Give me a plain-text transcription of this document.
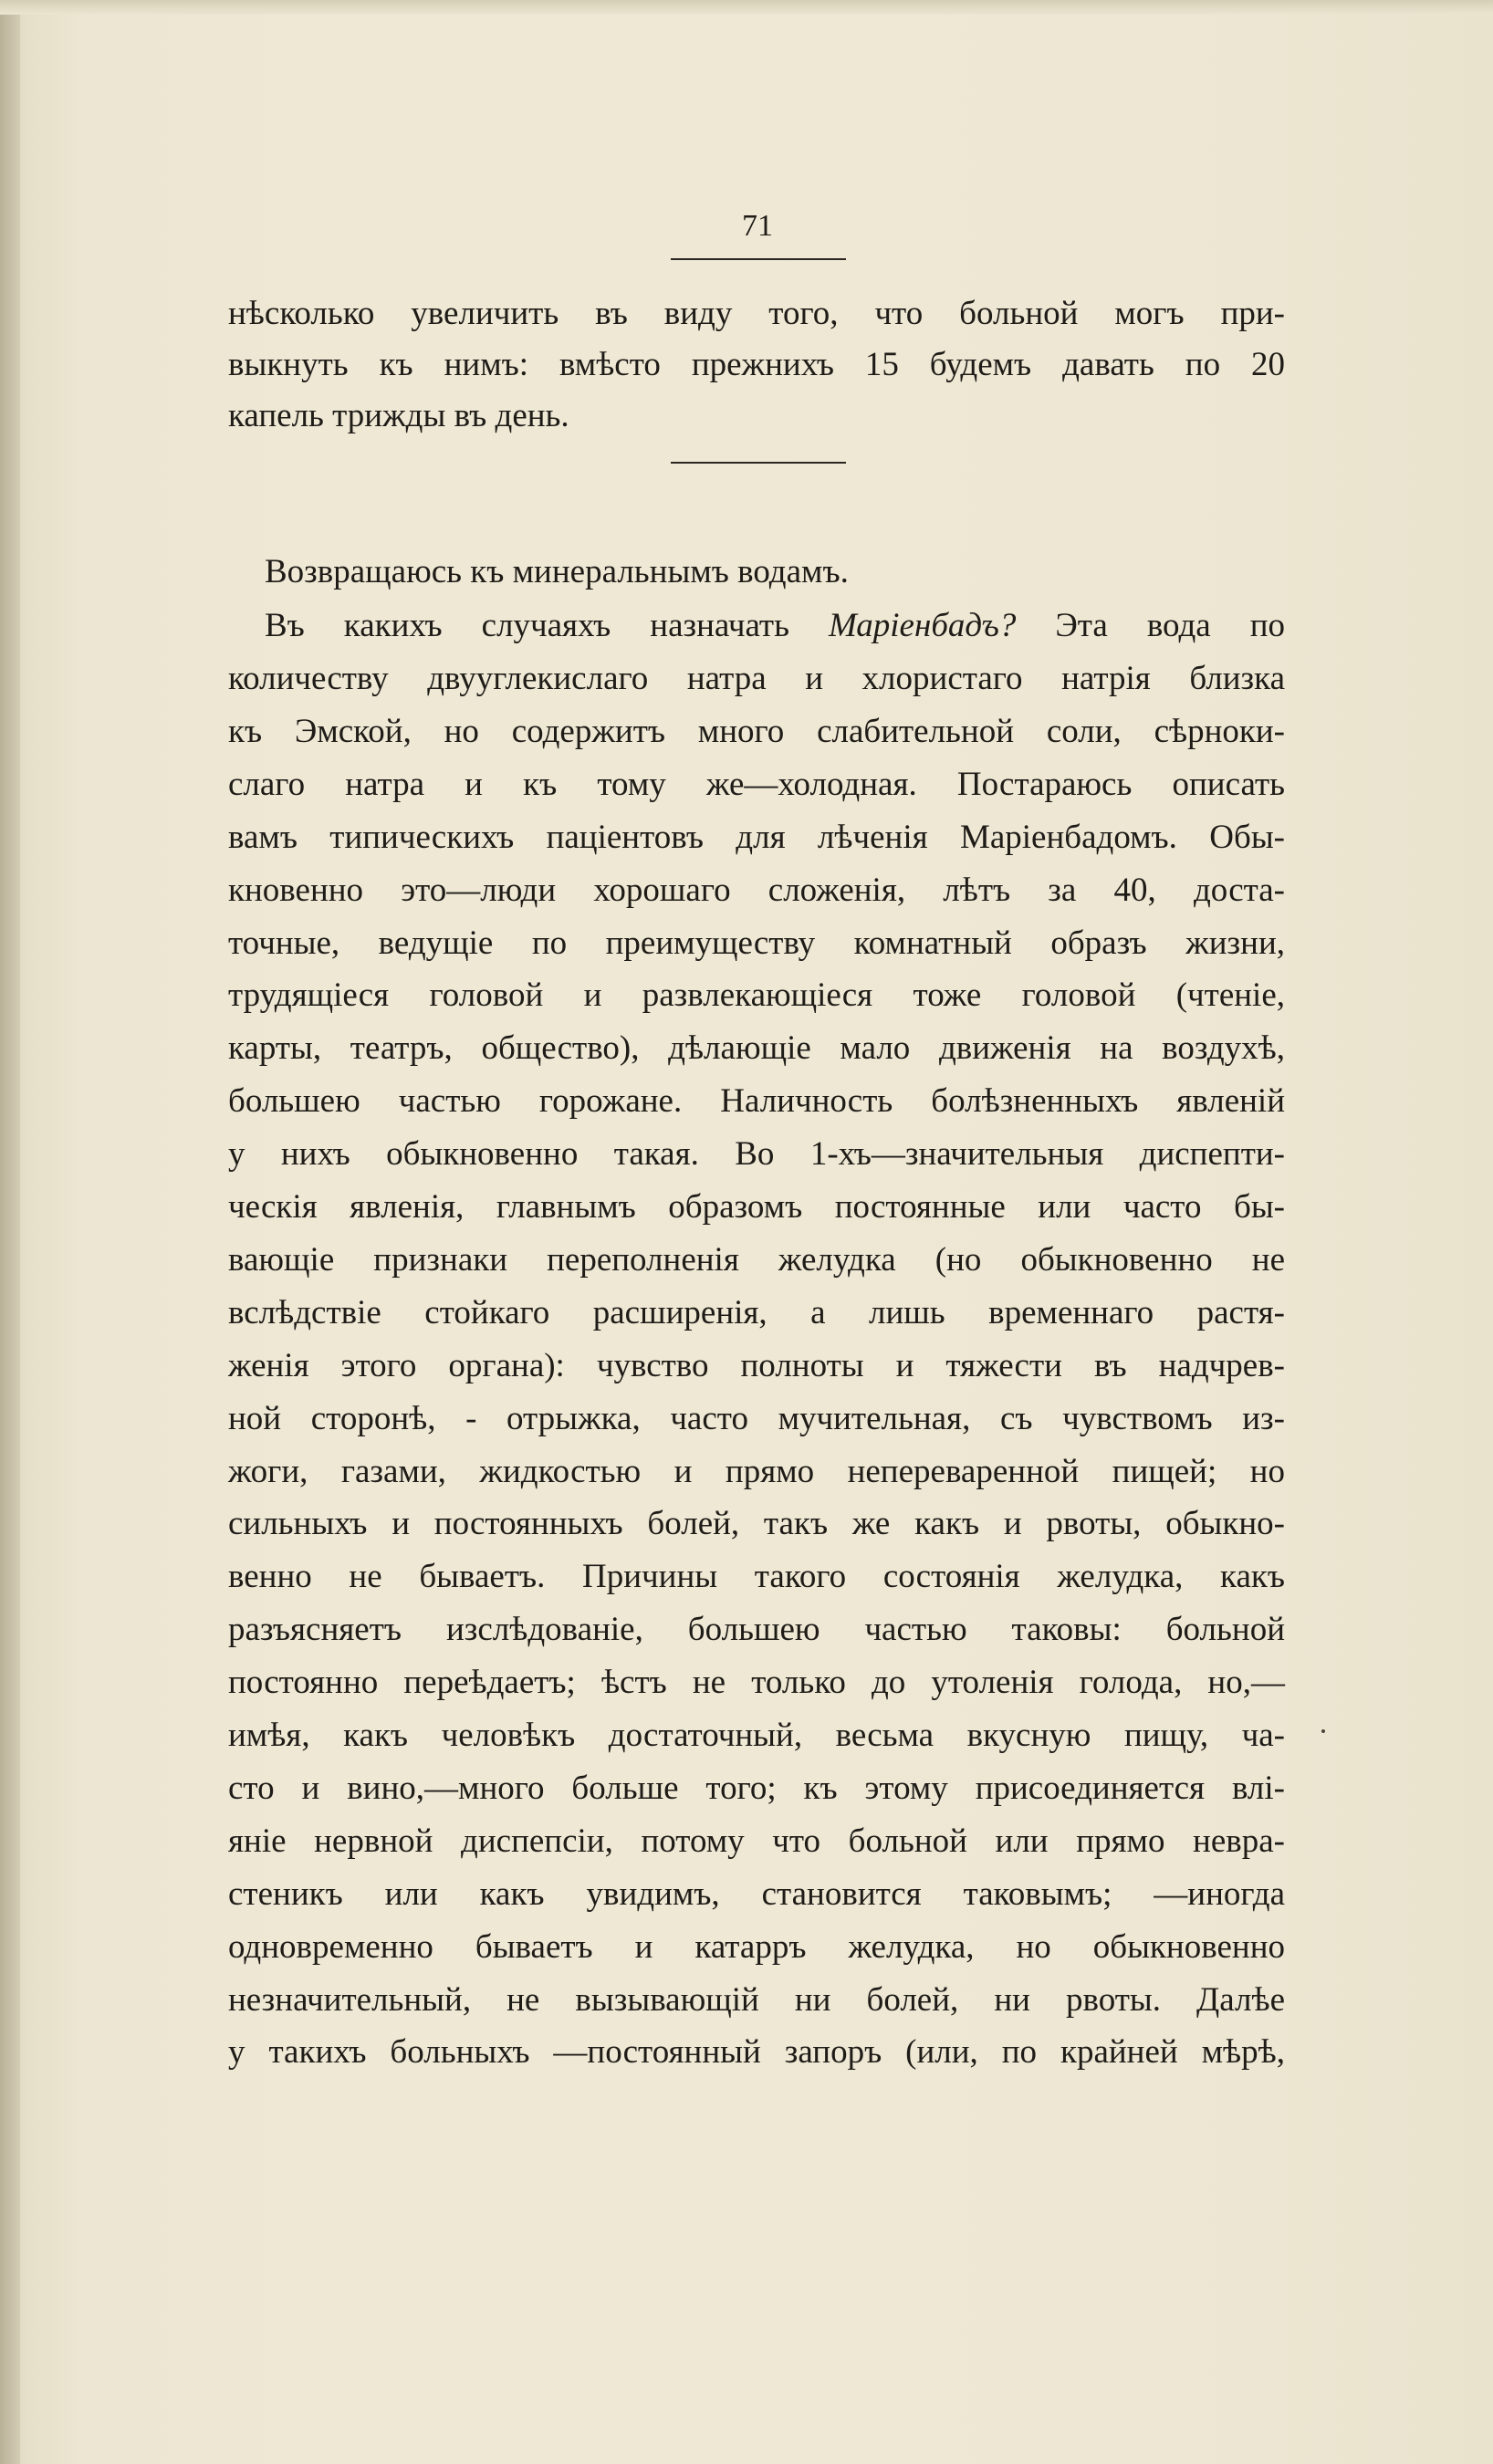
71
нѣсколько увеличить въ виду того, что больной могъ при-
выкнуть къ нимъ: вмѣсто прежнихъ 15 будемъ давать по 20
капель трижды въ день.
Возвращаюсь къ минеральнымъ водамъ.
Въ какихъ случаяхъ назначать Маріенбадъ? Эта вода по
количеству двууглекислаго натра и хлористаго натрія близка
къ Эмской, но содержитъ много слабительной соли, сѣрноки-
слаго натра и къ тому же—холодная. Постараюсь описать
вамъ типическихъ паціентовъ для лѣченія Маріенбадомъ. Обы-
кновенно это—люди хорошаго сложенія, лѣтъ за 40, доста-
точные, ведущіе по преимуществу комнатный образъ жизни,
трудящіеся головой и развлекающіеся тоже головой (чтеніе,
карты, театръ, общество), дѣлающіе мало движенія на воздухѣ,
большею частью горожане. Наличность болѣзненныхъ явленій
у нихъ обыкновенно такая. Во 1-хъ—значительныя диспепти-
ческія явленія, главнымъ образомъ постоянные или часто бы-
вающіе признаки переполненія желудка (но обыкновенно не
вслѣдствіе стойкаго расширенія, а лишь временнаго растя-
женія этого органа): чувство полноты и тяжести въ надчрев-
ной сторонѣ, - отрыжка, часто мучительная, съ чувствомъ из-
жоги, газами, жидкостью и прямо непереваренной пищей; но
сильныхъ и постоянныхъ болей, такъ же какъ и рвоты, обыкно-
венно не бываетъ. Причины такого состоянія желудка, какъ
разъясняетъ изслѣдованіе, большею частью таковы: больной
постоянно переѣдаетъ; ѣстъ не только до утоленія голода, но,—
имѣя, какъ человѣкъ достаточный, весьма вкусную пищу, ча-
сто и вино,—много больше того; къ этому присоединяется влі-
яніе нервной диспепсіи, потому что больной или прямо невра-
стеникъ или какъ увидимъ, становится таковымъ; —иногда
одновременно бываетъ и катарръ желудка, но обыкновенно
незначительный, не вызывающій ни болей, ни рвоты. Далѣе
у такихъ больныхъ —постоянный запоръ (или, по крайней мѣрѣ,
